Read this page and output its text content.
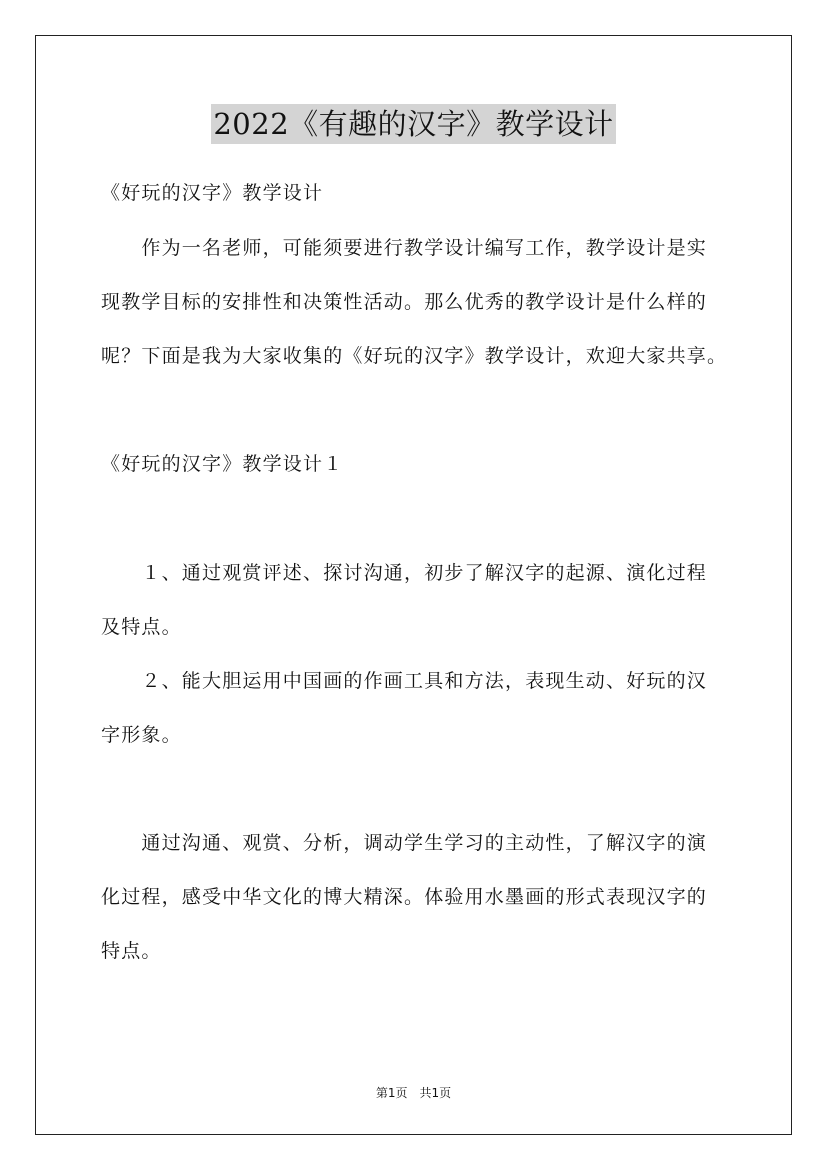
2022《有趣的汉字》教学设计
《好玩的汉字》教学设计
　　作为一名老师，可能须要进行教学设计编写工作，教学设计是实
现教学目标的安排性和决策性活动。那么优秀的教学设计是什么样的
呢？下面是我为大家收集的《好玩的汉字》教学设计，欢迎大家共享。
《好玩的汉字》教学设计１
　　１、通过观赏评述、探讨沟通，初步了解汉字的起源、演化过程
及特点。
　　２、能大胆运用中国画的作画工具和方法，表现生动、好玩的汉
字形象。
　　通过沟通、观赏、分析，调动学生学习的主动性，了解汉字的演
化过程，感受中华文化的博大精深。体验用水墨画的形式表现汉字的
特点。
第1页　共1页
